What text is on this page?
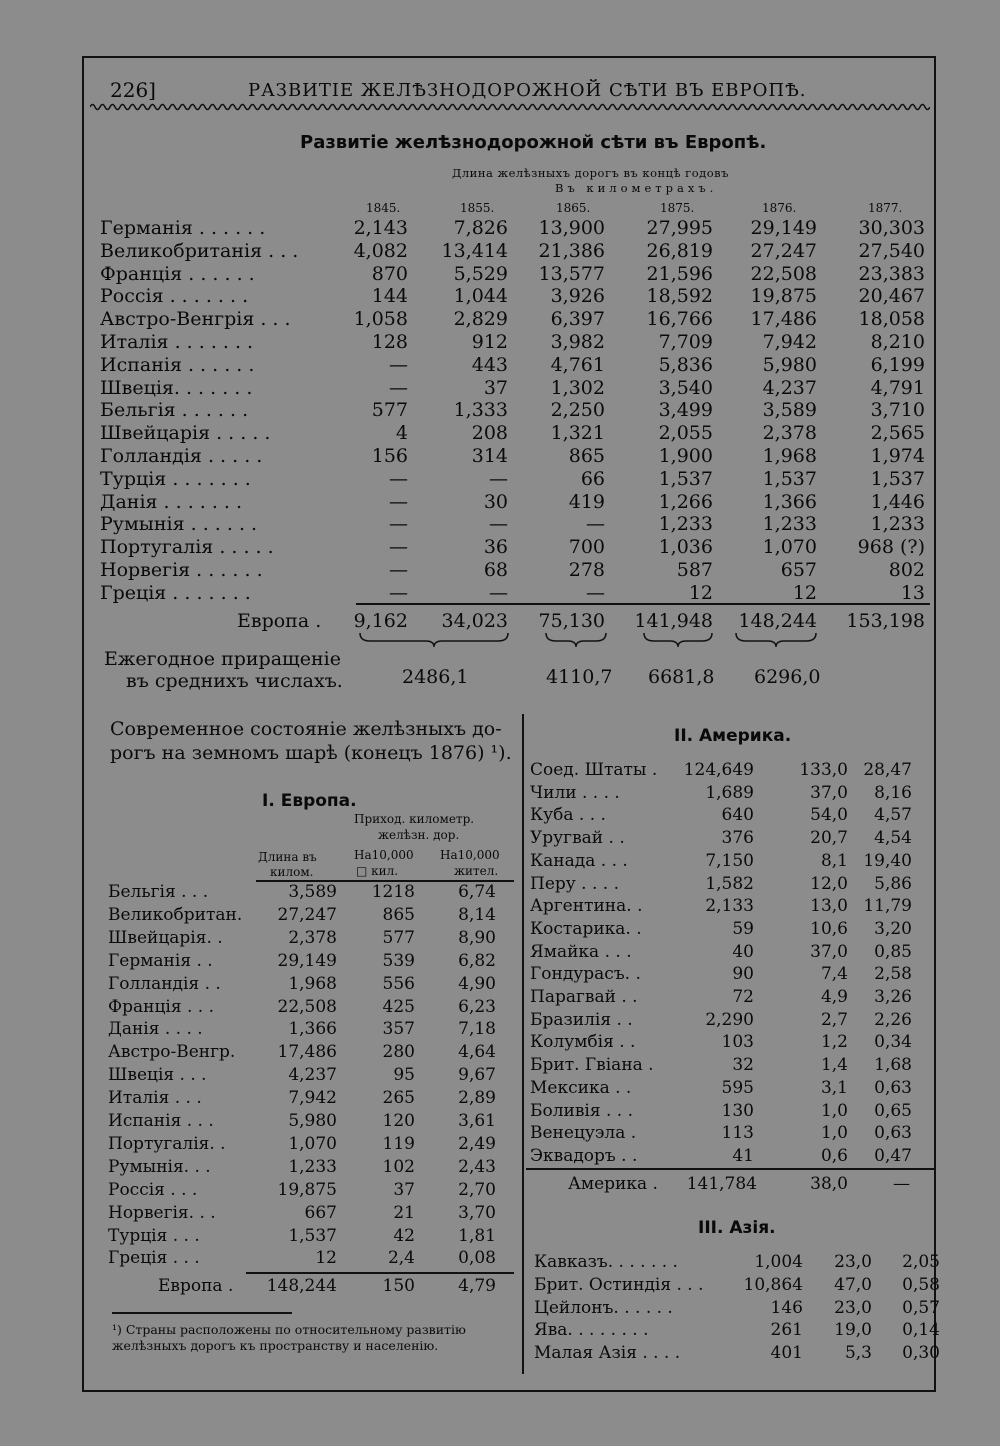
226]	РАЗВИТІЕ ЖЕЛѢЗНОДОРОЖНОЙ СѢТИ ВЪ ЕВРОПѢ.
Развитіе желѣзнодорожной сѣти въ Европѣ.
Длина желѣзныхъ дорогъ въ концѣ годовъ
Въ километрахъ.
1845.	1855.	1865.	1875.	1876.	1877.
Германія . . . . . .	2,143 7,826 13,900 27,995 29,149 30,303
Великобританія . . .	4,082 13,414 21,386 26,819 27,247 27,540
Франція . . . . . .	870 5,529 13,577 21,596 22,508 23,383
Россія . . . . . . .	144 1,044 3,926 18,592 19,875 20,467
Австро-Венгрія . . .	1,058 2,829 6,397 16,766 17,486 18,058
Италія . . . . . . .	128	912 3,982	7,709	7,942	8,210
Испанія . . . . . .	—	443 4,761	5,836	5,980	6,199
Швеція. . . . . . .	—	37 1,302	3,540	4,237	4,791
Бельгія . . . . . .	577 1,333 2,250	3,499	3,589	3,710
Швейцарія . . . . .	4	208 1,321	2,055	2,378	2,565
Голландія . . . . .	156	314	865	1,900	1,968	1,974
Турція . . . . . . .	—	—	66	1,537	1,537	1,537
Данія . . . . . . .	—	30	419	1,266	1,366	1,446
Румынія . . . . . .	—	—	—	1,233	1,233	1,233
Португалія . . . . .	—	36	700	1,036	1,070 968 (?)
Норвегія . . . . . .	—	68	278	587	657	802
Греція . . . . . . .	—	—	—	12	12	13
Европа . 9,162 34,023 75,130 141,948 148,244 153,198
Ежегодное приращеніе
въ среднихъ числахъ.	2486,1	4110,7 6681,8 6296,0
Современное состояніе желѣзныхъ до-
рогъ на земномъ шарѣ (конецъ 1876) ¹).
I. Европа.
Приход. километр.
желѣзн. дор.
Длина въ
килом.
На10,000
□ кил.
На10,000
жител.
Бельгія . . .	3,589 1218	6,74
Великобритан. 27,247	865	8,14
Швейцарія. .	2,378	577	8,90
Германія . .	29,149	539	6,82
Голландія . .	1,968	556	4,90
Франція . . .	22,508	425	6,23
Данія . . . .	1,366	357	7,18
Австро-Венгр. 17,486	280	4,64
Швеція . . .	4,237	95	9,67
Италія . . .	7,942	265	2,89
Испанія . . .	5,980	120	3,61
Португалія. .	1,070	119	2,49
Румынія. . .	1,233	102	2,43
Россія . . .	19,875	37	2,70
Норвегія. . .	667	21	3,70
Турція . . .	1,537	42	1,81
Греція . . .	12	2,4	0,08
Европа . 148,244	150	4,79
¹) Страны расположены по относительному развитію желѣзныхъ дорогъ къ пространству и населенію.
II. Америка.
Соед. Штаты . 124,649	133,0 28,47
Чили . . . .	1,689	37,0 8,16
Куба . . .	640	54,0 4,57
Уругвай . .	376	20,7 4,54
Канада . . .	7,150	8,1 19,40
Перу . . . .	1,582	12,0 5,86
Аргентина. .	2,133	13,0 11,79
Костарика. .	59	10,6 3,20
Ямайка . . .	40	37,0 0,85
Гондурасъ. .	90	7,4 2,58
Парагвай . .	72	4,9 3,26
Бразилія . .	2,290	2,7 2,26
Колумбія . .	103	1,2 0,34
Брит. Гвіана .	32	1,4 1,68
Мексика . .	595	3,1 0,63
Боливія . . .	130	1,0 0,65
Венецуэла .	113	1,0 0,63
Эквадоръ . .	41	0,6 0,47
Америка . 141,784	38,0	—
III. Азія.
Кавказъ. . . . . . .	1,004 23,0 2,05
Брит. Остиндія . . . 10,864 47,0 0,58
Цейлонъ. . . . . .	146 23,0 0,57
Ява. . . . . . . .	261 19,0 0,14
Малая Азія . . . .	401 5,3 0,30
